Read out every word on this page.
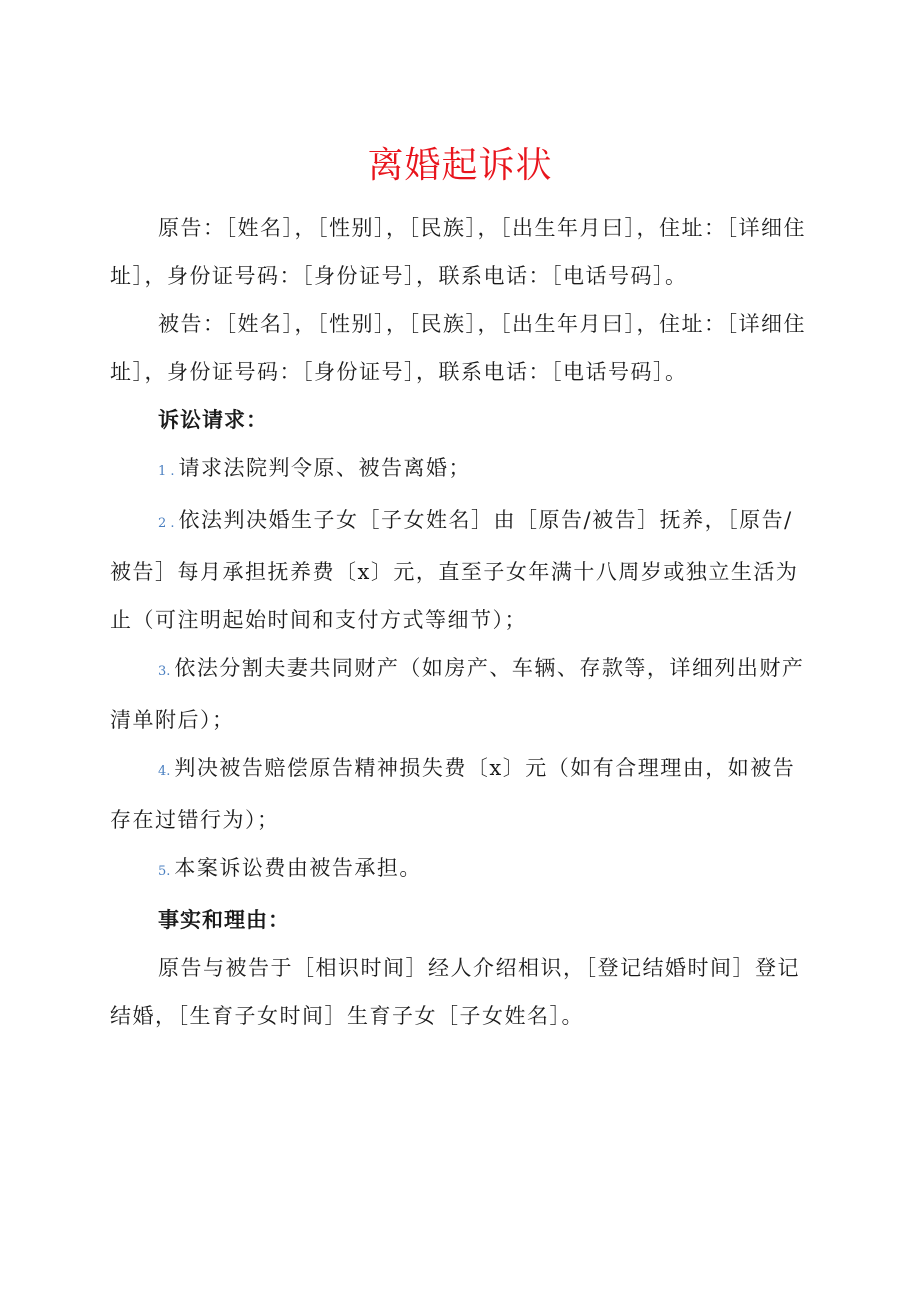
离婚起诉状

原告：［姓名］，［性别］，［民族］，［出生年月曰］，住址：［详细住址］，身份证号码：［身份证号］，联系电话：［电话号码］。

被告：［姓名］，［性别］，［民族］，［出生年月曰］，住址：［详细住址］，身份证号码：［身份证号］，联系电话：［电话号码］。

诉讼请求：

1 . 请求法院判令原、被告离婚；

2 . 依法判决婚生子女［子女姓名］由［原告/被告］抚养，［原告/被告］每月承担抚养费〔x〕元，直至子女年满十八周岁或独立生活为止（可注明起始时间和支付方式等细节）；

3. 依法分割夫妻共同财产（如房产、车辆、存款等，详细列出财产清单附后）；

4. 判决被告赔偿原告精神损失费〔x〕元（如有合理理由，如被告存在过错行为）；

5. 本案诉讼费由被告承担。

事实和理由：

原告与被告于［相识时间］经人介绍相识，［登记结婚时间］登记结婚，［生育子女时间］生育子女［子女姓名］。
